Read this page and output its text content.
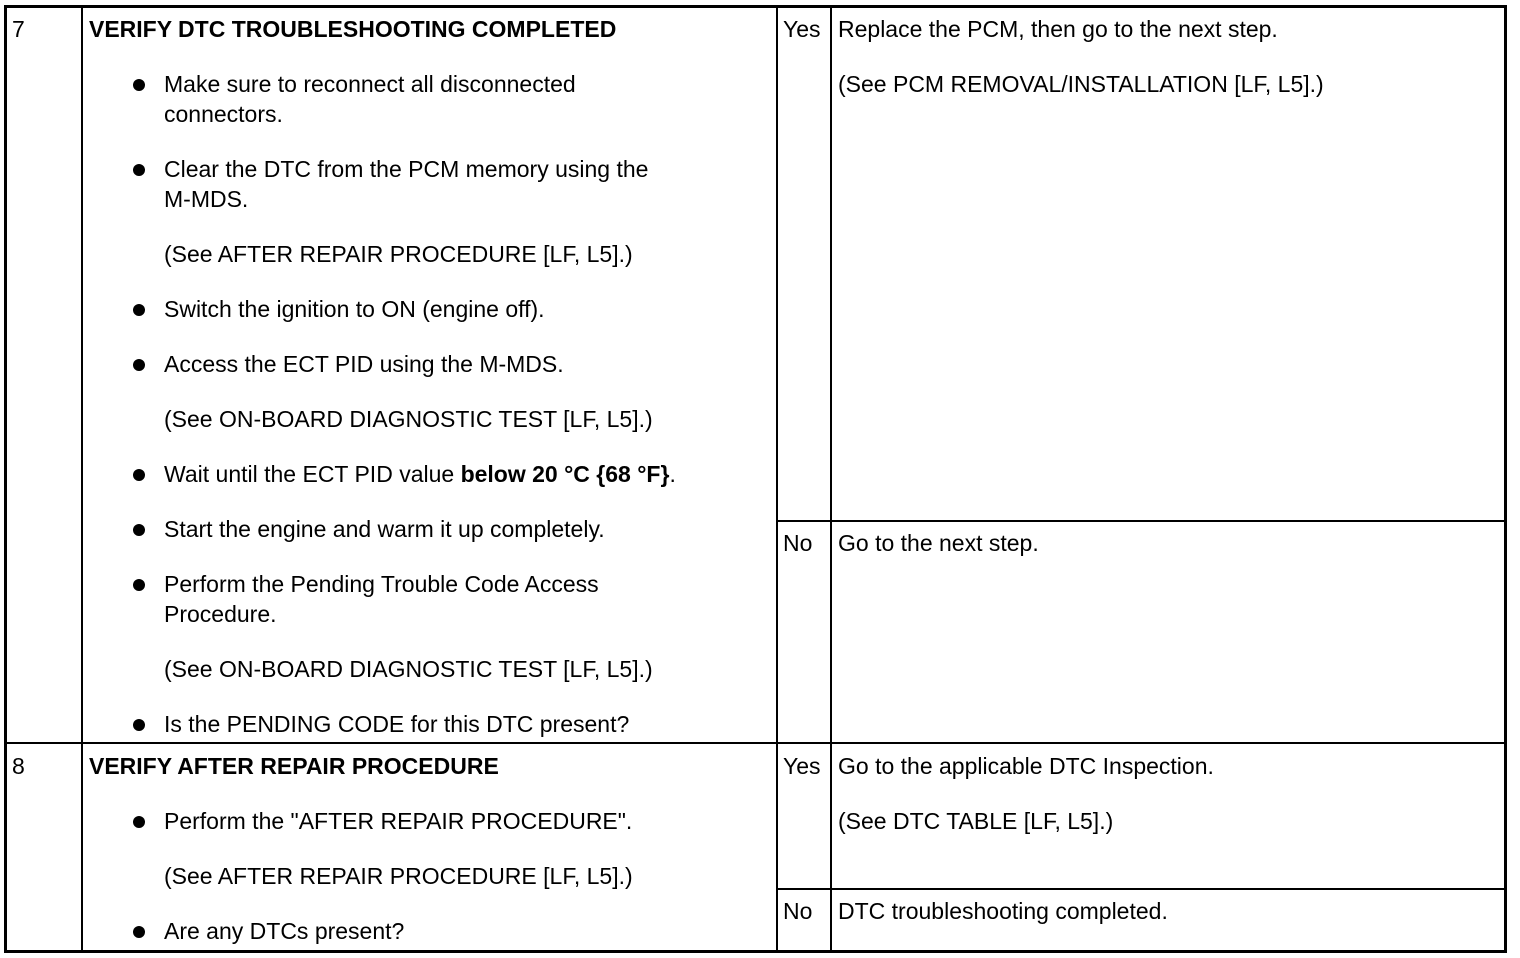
7	VERIFY DTC TROUBLESHOOTING COMPLETED
Make sure to reconnect all disconnected
connectors.
Clear the DTC from the PCM memory using the
M-MDS.
(See AFTER REPAIR PROCEDURE [LF, L5].)
Switch the ignition to ON (engine off).
Access the ECT PID using the M-MDS.
(See ON-BOARD DIAGNOSTIC TEST [LF, L5].)
Wait until the ECT PID value below 20 °C {68 °F}.
Start the engine and warm it up completely.
Perform the Pending Trouble Code Access
Procedure.
(See ON-BOARD DIAGNOSTIC TEST [LF, L5].)
Is the PENDING CODE for this DTC present?
Yes Replace the PCM, then go to the next step.
(See PCM REMOVAL/INSTALLATION [LF, L5].)
No Go to the next step.
8	VERIFY AFTER REPAIR PROCEDURE
Perform the "AFTER REPAIR PROCEDURE".
(See AFTER REPAIR PROCEDURE [LF, L5].)
Are any DTCs present?
Yes Go to the applicable DTC Inspection.
(See DTC TABLE [LF, L5].)
No DTC troubleshooting completed.
